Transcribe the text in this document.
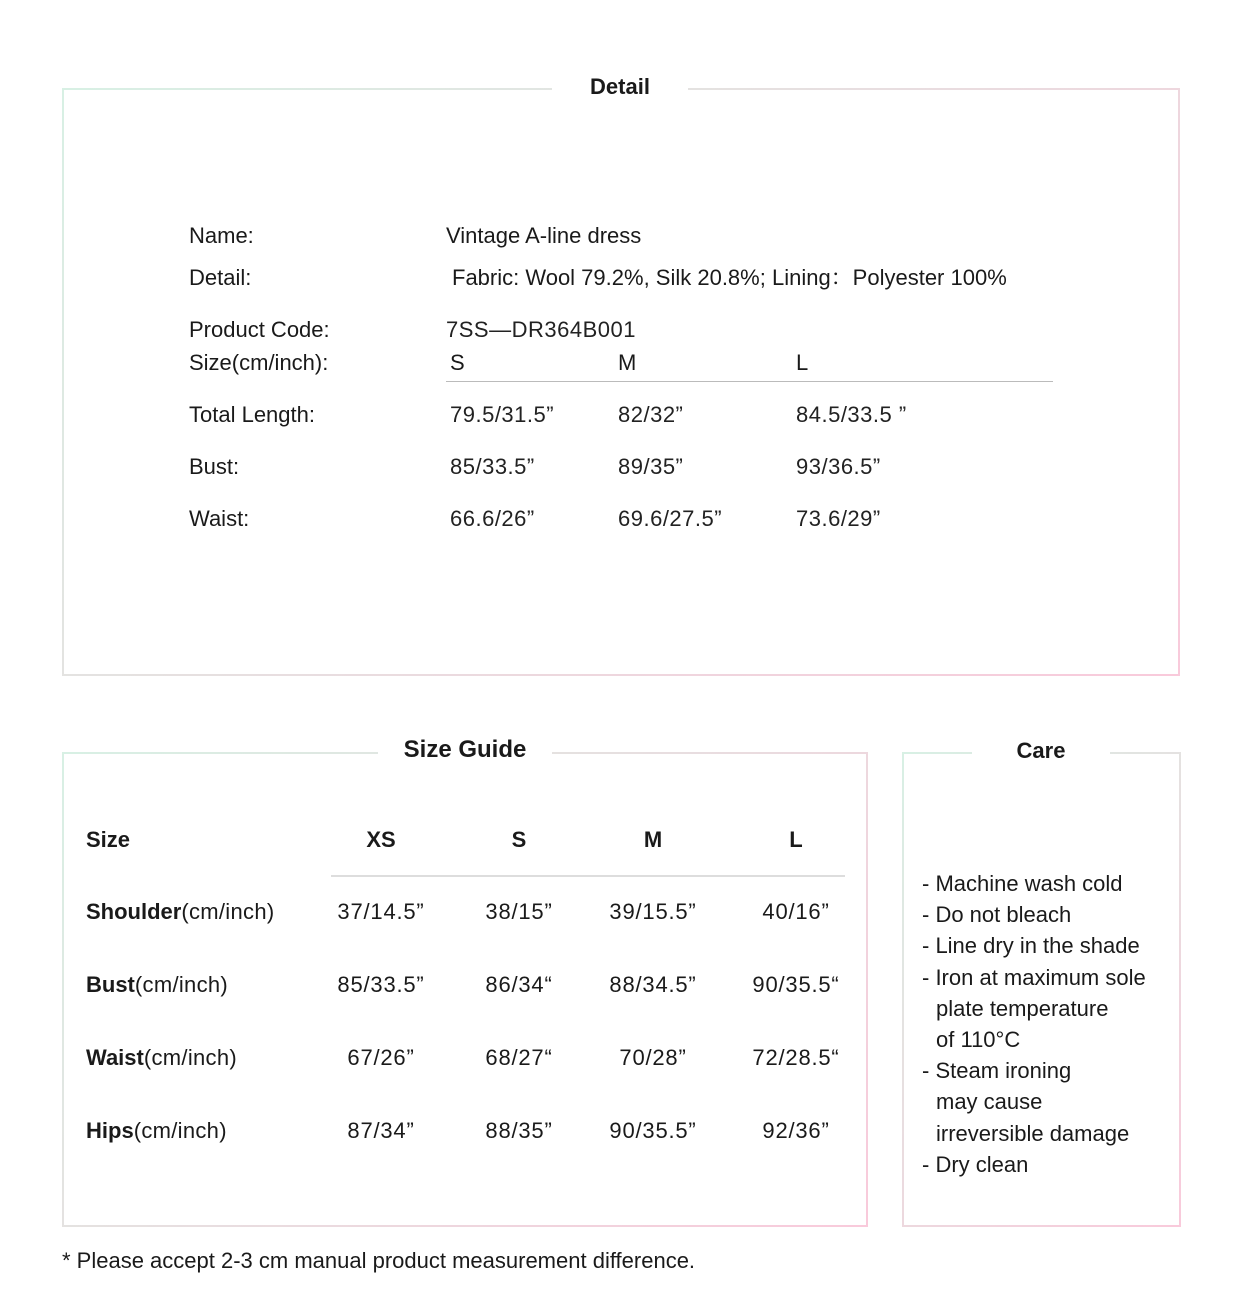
Detail
Name:	Vintage A-line dress
Detail:	Fabric: Wool 79.2%, Silk 20.8%; Lining：Polyester 100%
Product Code:	7SS—DR364B001
Size(cm/inch):	S	M	L
Total Length:	79.5/31.5”	82/32”	84.5/33.5 ”
Bust:	85/33.5”	89/35”	93/36.5”
Waist:	66.6/26”	69.6/27.5”	73.6/29”
Size Guide
Size	XS	S	M	L
Shoulder(cm/inch)	37/14.5”	38/15”	39/15.5”	40/16”
Bust(cm/inch)	85/33.5”	86/34“	88/34.5”	90/35.5“
Waist(cm/inch)	67/26”	68/27“	70/28”	72/28.5“
Hips(cm/inch)	87/34”	88/35”	90/35.5”	92/36”
Care
- Machine wash cold
- Do not bleach
- Line dry in the shade
- Iron at maximum sole
plate temperature
of 110°C
- Steam ironing
may cause
irreversible damage
- Dry clean
* Please accept 2-3 cm manual product measurement difference.
